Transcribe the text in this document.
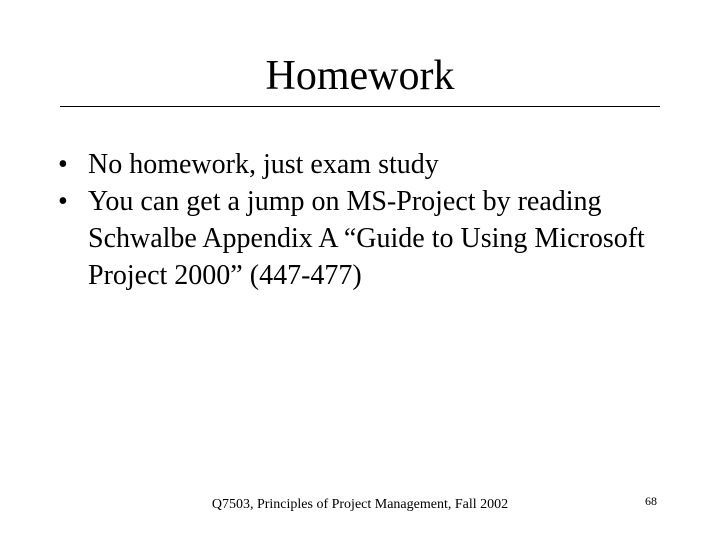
Homework
• No homework, just exam study
• You can get a jump on MS-Project by reading Schwalbe Appendix A “Guide to Using Microsoft Project 2000” (447-477)
Q7503, Principles of Project Management, Fall 2002	68
